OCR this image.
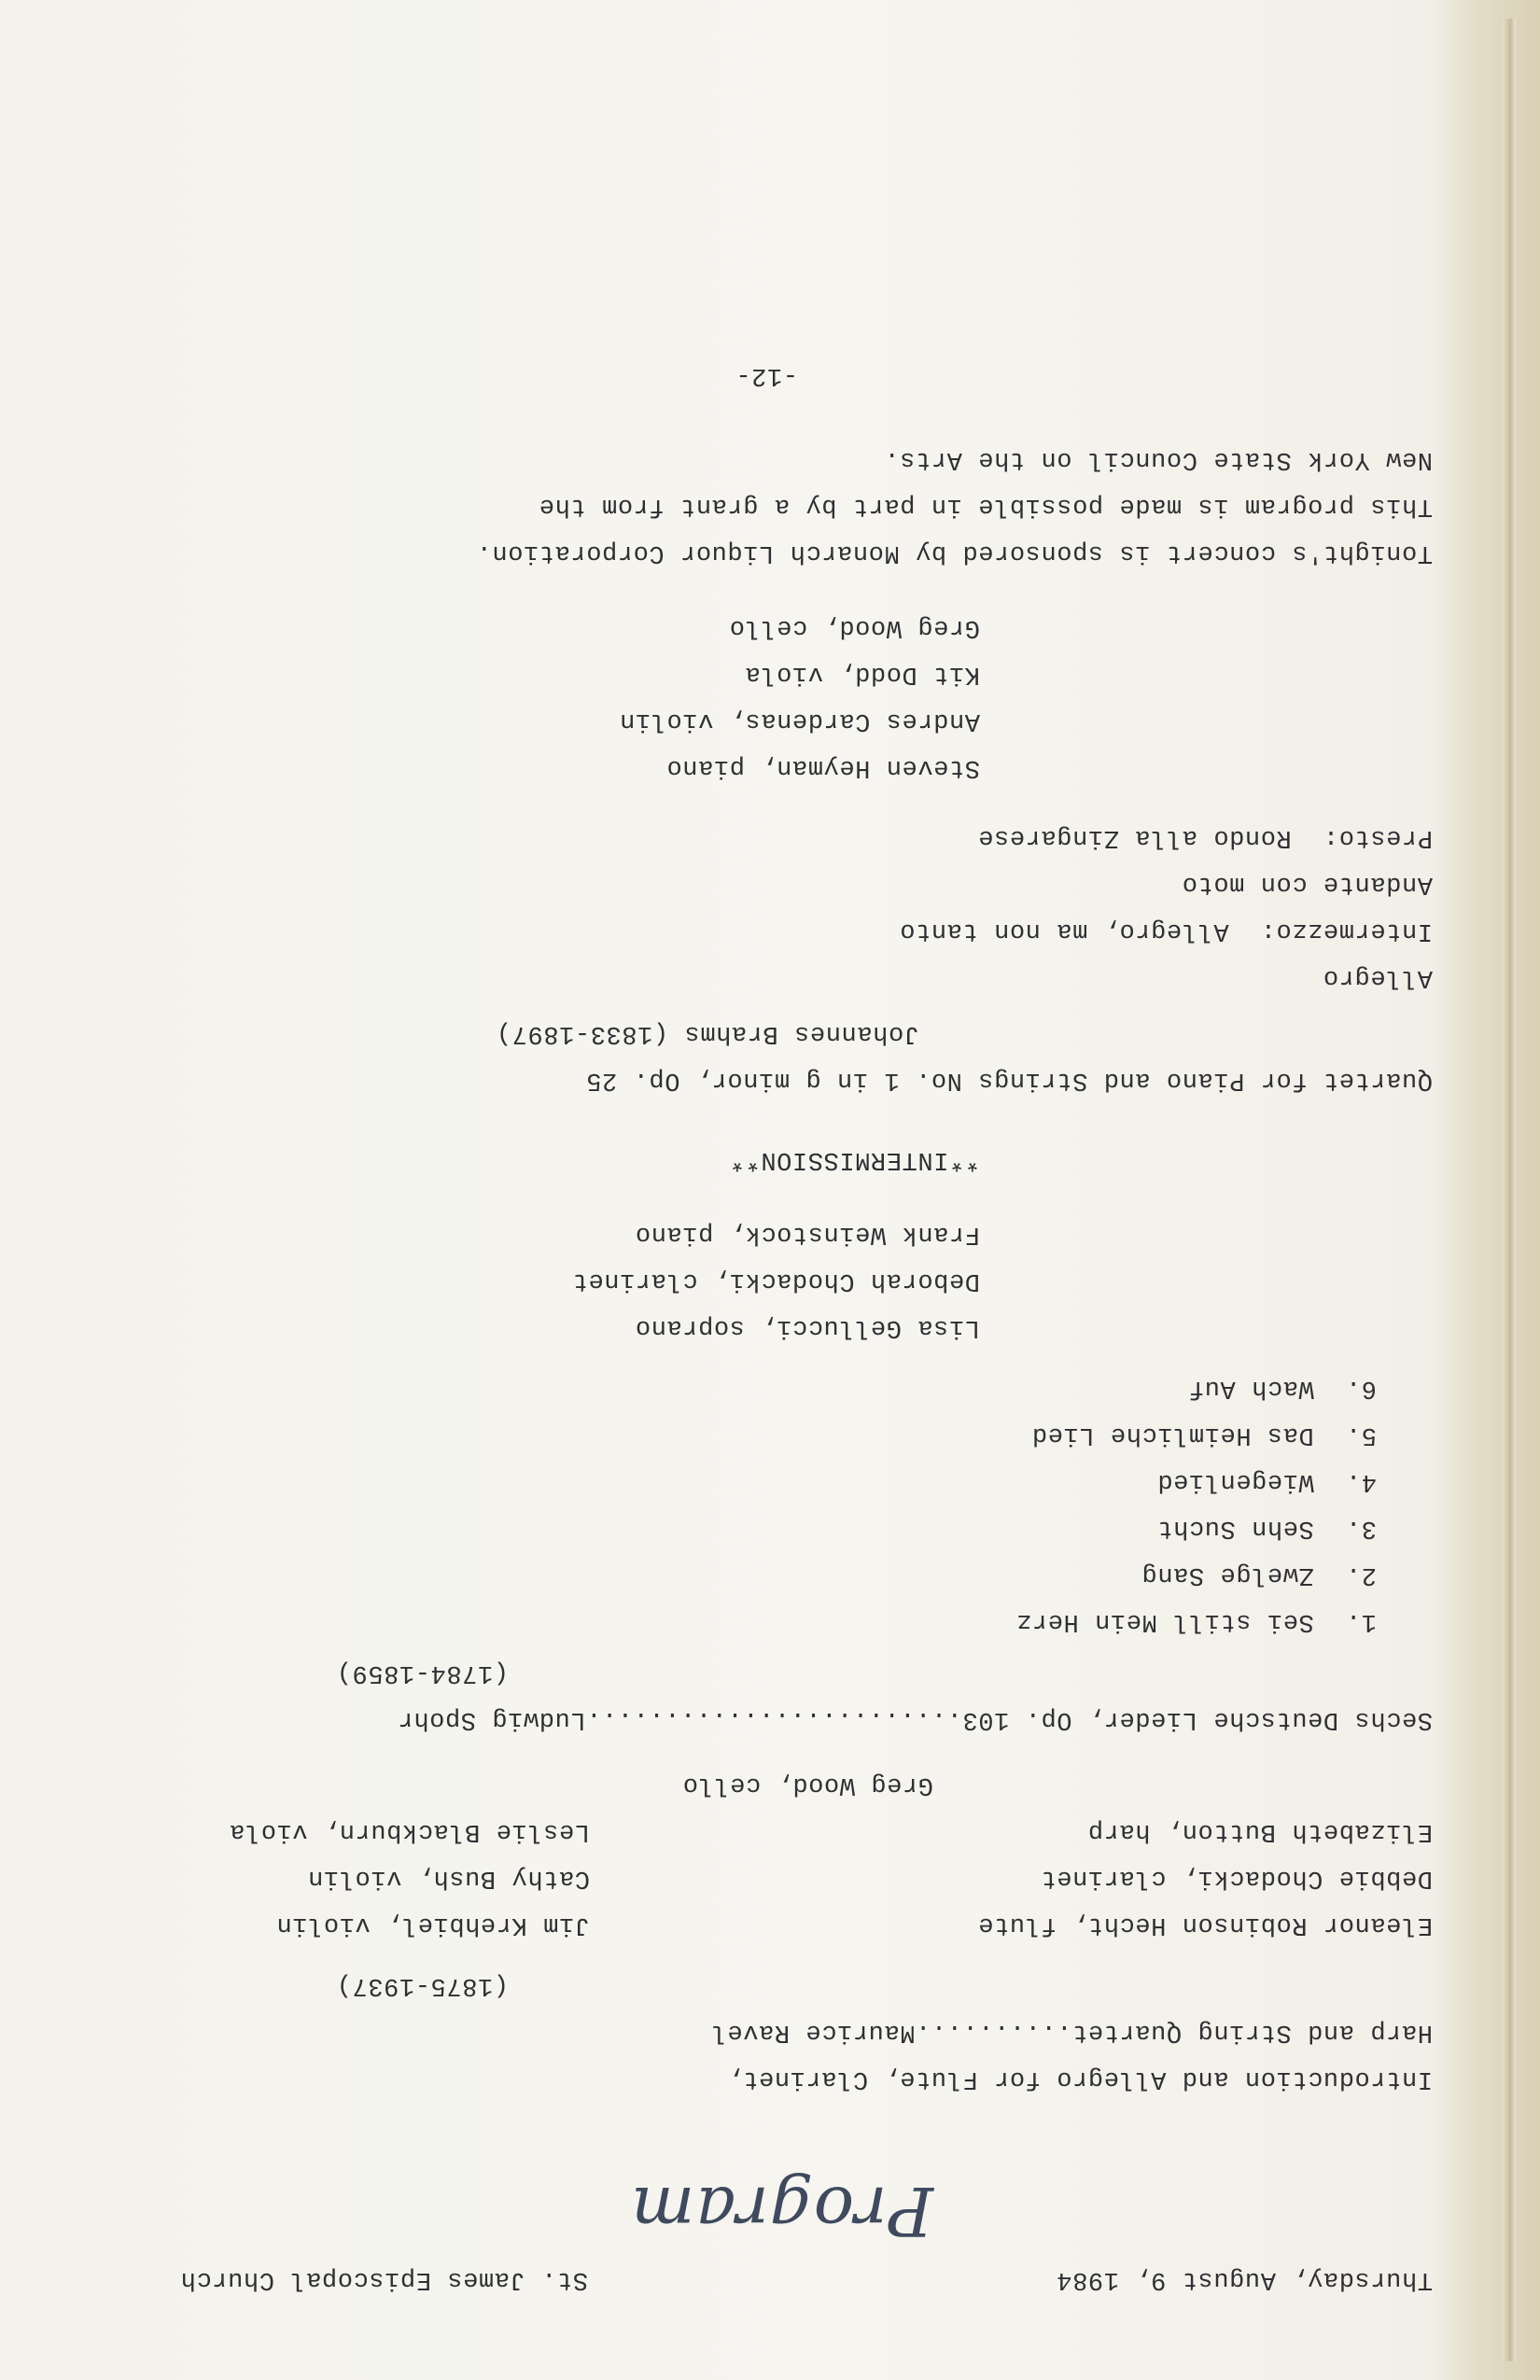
Thursday, August 9, 1984
St. James Episcopal Church
Program
Introduction and Allegro for Flute, Clarinet,
Harp and String Quartet..........Maurice Ravel
(1875-1937)
Eleanor Robinson Hecht, flute
Debbie Chodacki, clarinet
Elizabeth Button, harp
Jim Krehbiel, violin
Cathy Bush, violin
Leslie Blackburn, viola
Greg Wood, cello
Sechs Deutsche Lieder, Op. 103........................Ludwig Spohr
(1784-1859)
1.  Sei still Mein Herz
2.  Zwelge Sang
3.  Sehn Sucht
4.  Wiegenlied
5.  Das Heimliche Lied
6.  Wach Auf
Lisa Gellucci, soprano
Deborah Chodacki, clarinet
Frank Weinstock, piano
**INTERMISSION**
Quartet for Piano and Strings No. 1 in g minor, Op. 25
Johannes Brahms (1833-1897)
Allegro
Intermezzo:  Allegro, ma non tanto
Andante con moto
Presto:  Rondo alla Zingarese
Steven Heyman, piano
Andres Cardenas, violin
Kit Dodd, viola
Greg Wood, cello
Tonight's concert is sponsored by Monarch Liquor Corporation.
This program is made possible in part by a grant from the
New York State Council on the Arts.
-12-
